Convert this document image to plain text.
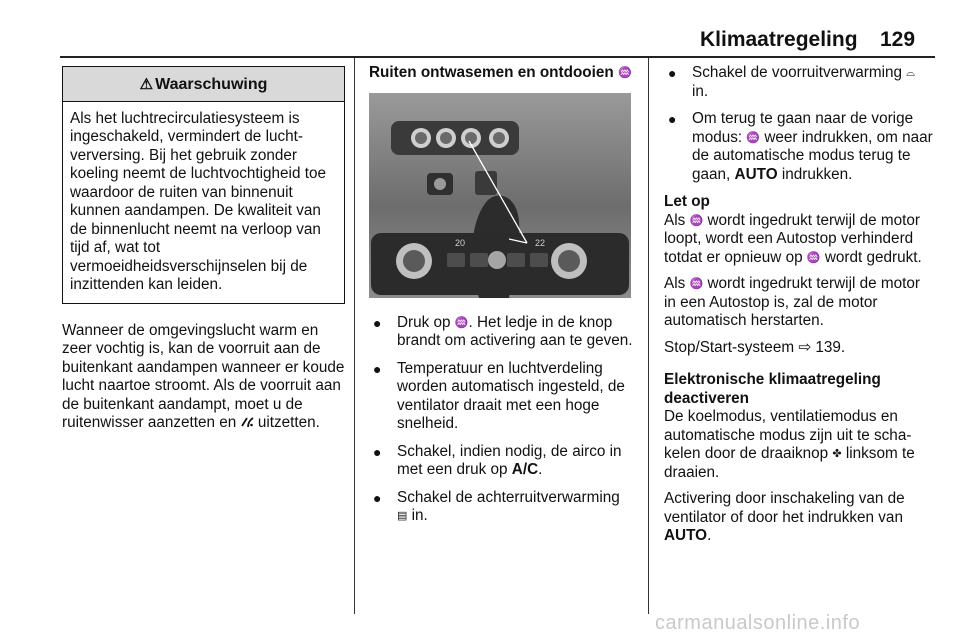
Klimaatregeling 129
⚠ Waarschuwing
Als het luchtrecirculatiesysteem is ingeschakeld, vermindert de luchtverversing. Bij het gebruik zonder koeling neemt de luchtvochtigheid toe waardoor de ruiten van binnenuit kunnen aandampen. De kwaliteit van de binnenlucht neemt na verloop van tijd af, wat tot vermoeidheidsverschijnselen bij de inzittenden kan leiden.

Wanneer de omgevingslucht warm en zeer vochtig is, kan de voorruit aan de buitenkant aandampen wanneer er koude lucht naartoe stroomt. Als de voorruit aan de buitenkant aandampt, moet u de ruitenwisser aanzetten en uitzetten.

Ruiten ontwasemen en ontdooien ♒
20	22
● Druk op ♒. Het ledje in de knop brandt om activering aan te geven.
● Temperatuur en luchtverdeling worden automatisch ingesteld, de ventilator draait met een hoge snelheid.
● Schakel, indien nodig, de airco in met een druk op A/C.
● Schakel de achterruitverwarming
▤ in.
● Schakel de voorruitverwarming ⌓ in.
● Om terug te gaan naar de vorige modus: ♒ weer indrukken, om naar de automatische modus terug te gaan, AUTO indrukken.
Let op

Als ♒ wordt ingedrukt terwijl de motor loopt, wordt een Autostop verhinderd totdat er opnieuw op ♒ wordt gedrukt.

Als ♒ wordt ingedrukt terwijl de motor in een Autostop is, zal de motor automatisch herstarten.

Stop/Start-systeem ⇨ 139.

Elektronische klimaatregeling deactiveren

De koelmodus, ventilatiemodus en automatische modus zijn uit te schakelen door de draaiknop ✤ linksom te draaien.

Activering door inschakeling van de ventilator of door het indrukken van AUTO.

carmanualsonline.info
